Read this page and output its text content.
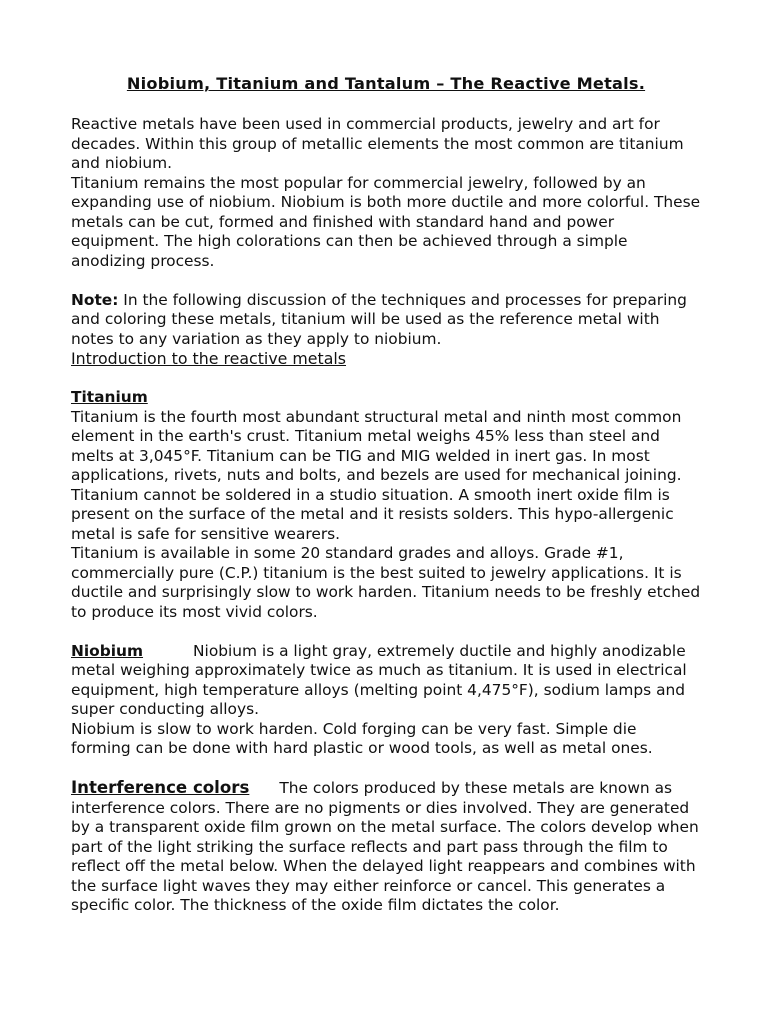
Niobium, Titanium and Tantalum – The Reactive Metals.

Reactive metals have been used in commercial products, jewelry and art for decades. Within this group of metallic elements the most common are titanium and niobium.

Titanium remains the most popular for commercial jewelry, followed by an expanding use of niobium. Niobium is both more ductile and more colorful. These metals can be cut, formed and finished with standard hand and power equipment. The high colorations can then be achieved through a simple anodizing process.

Note: In the following discussion of the techniques and processes for preparing and coloring these metals, titanium will be used as the reference metal with notes to any variation as they apply to niobium.

Introduction to the reactive metals

Titanium

Titanium is the fourth most abundant structural metal and ninth most common element in the earth's crust. Titanium metal weighs 45% less than steel and melts at 3,045°F. Titanium can be TIG and MIG welded in inert gas. In most applications, rivets, nuts and bolts, and bezels are used for mechanical joining. Titanium cannot be soldered in a studio situation. A smooth inert oxide film is present on the surface of the metal and it resists solders. This hypo-allergenic metal is safe for sensitive wearers.

Titanium is available in some 20 standard grades and alloys. Grade #1, commercially pure (C.P.) titanium is the best suited to jewelry applications. It is ductile and surprisingly slow to work harden. Titanium needs to be freshly etched to produce its most vivid colors.

Niobium	Niobium is a light gray, extremely ductile and highly anodizable metal weighing approximately twice as much as titanium. It is used in electrical equipment, high temperature alloys (melting point 4,475°F), sodium lamps and super conducting alloys.

Niobium is slow to work harden. Cold forging can be very fast. Simple die forming can be done with hard plastic or wood tools, as well as metal ones.

Interference colors The colors produced by these metals are known as interference colors. There are no pigments or dies involved. They are generated by a transparent oxide film grown on the metal surface. The colors develop when part of the light striking the surface reflects and part pass through the film to reflect off the metal below. When the delayed light reappears and combines with the surface light waves they may either reinforce or cancel. This generates a specific color. The thickness of the oxide film dictates the color.
